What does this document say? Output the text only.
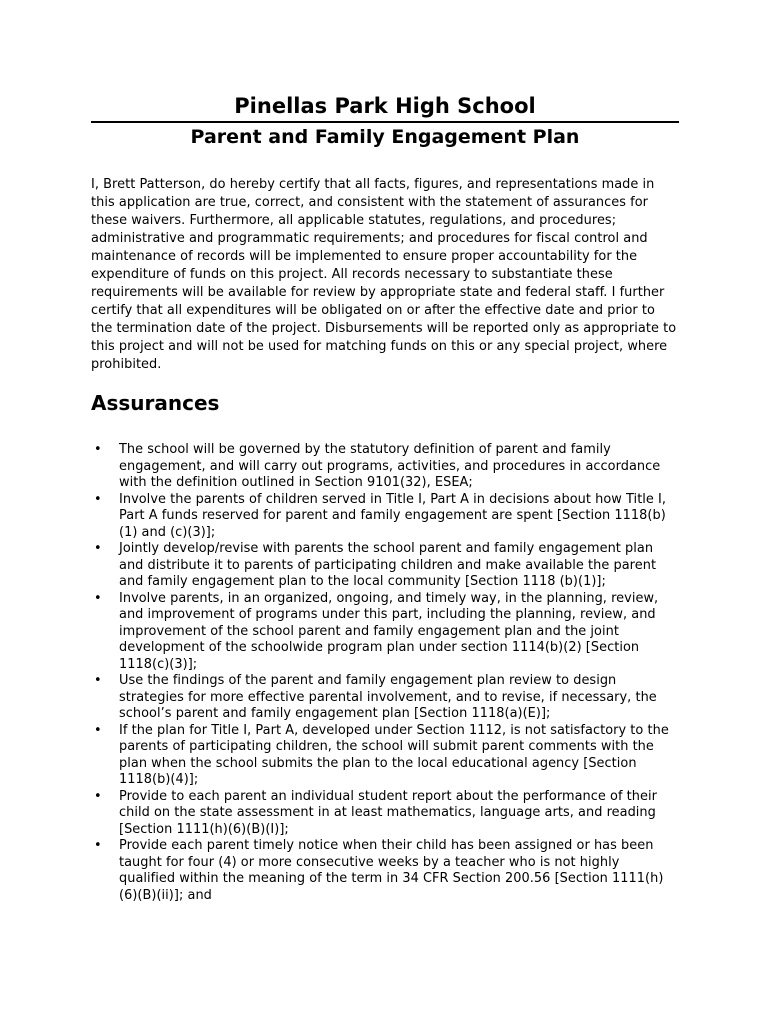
Pinellas Park High School
Parent and Family Engagement Plan

I, Brett Patterson, do hereby certify that all facts, figures, and representations made in this application are true, correct, and consistent with the statement of assurances for these waivers. Furthermore, all applicable statutes, regulations, and procedures; administrative and programmatic requirements; and procedures for fiscal control and maintenance of records will be implemented to ensure proper accountability for the expenditure of funds on this project. All records necessary to substantiate these requirements will be available for review by appropriate state and federal staff. I further certify that all expenditures will be obligated on or after the effective date and prior to the termination date of the project. Disbursements will be reported only as appropriate to this project and will not be used for matching funds on this or any special project, where prohibited.

Assurances
• The school will be governed by the statutory definition of parent and family engagement, and will carry out programs, activities, and procedures in accordance with the definition outlined in Section 9101(32), ESEA;
• Involve the parents of children served in Title I, Part A in decisions about how Title I, Part A funds reserved for parent and family engagement are spent [Section 1118(b)(1) and (c)(3)];
• Jointly develop/revise with parents the school parent and family engagement plan and distribute it to parents of participating children and make available the parent and family engagement plan to the local community [Section 1118 (b)(1)];
• Involve parents, in an organized, ongoing, and timely way, in the planning, review, and improvement of programs under this part, including the planning, review, and improvement of the school parent and family engagement plan and the joint development of the schoolwide program plan under section 1114(b)(2) [Section 1118(c)(3)];
• Use the findings of the parent and family engagement plan review to design strategies for more effective parental involvement, and to revise, if necessary, the school’s parent and family engagement plan [Section 1118(a)(E)];
• If the plan for Title I, Part A, developed under Section 1112, is not satisfactory to the parents of participating children, the school will submit parent comments with the plan when the school submits the plan to the local educational agency [Section 1118(b)(4)];
• Provide to each parent an individual student report about the performance of their child on the state assessment in at least mathematics, language arts, and reading [Section 1111(h)(6)(B)(I)];
• Provide each parent timely notice when their child has been assigned or has been taught for four (4) or more consecutive weeks by a teacher who is not highly qualified within the meaning of the term in 34 CFR Section 200.56 [Section 1111(h)(6)(B)(ii)]; and
